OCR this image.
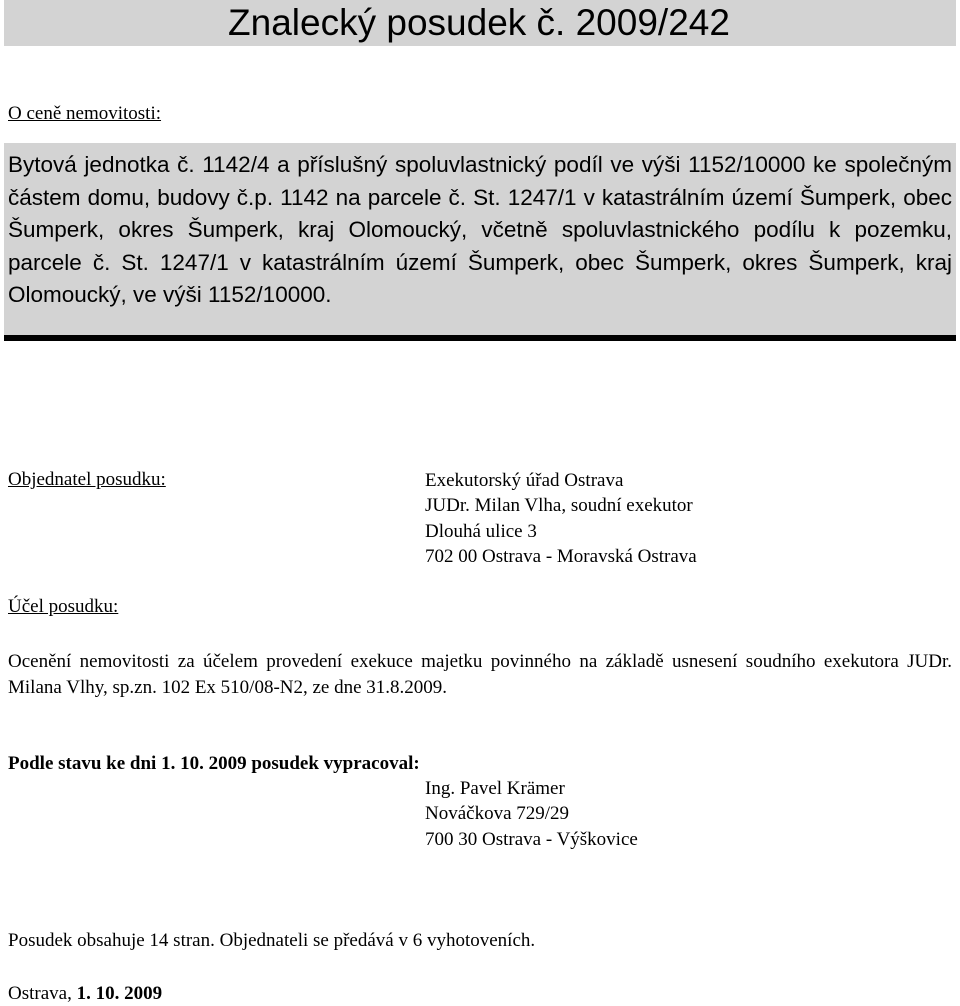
Znalecký posudek č. 2009/242

O ceně nemovitosti:

Bytová jednotka č. 1142/4 a příslušný spoluvlastnický podíl ve výši 1152/10000 ke společným částem domu, budovy č.p. 1142 na parcele č. St. 1247/1 v katastrálním území Šumperk, obec Šumperk, okres Šumperk, kraj Olomoucký, včetně spoluvlastnického podílu k pozemku, parcele č. St. 1247/1 v katastrálním území Šumperk, obec Šumperk, okres Šumperk, kraj Olomoucký, ve výši 1152/10000.

Objednatel posudku:	Exekutorský úřad Ostrava
JUDr. Milan Vlha, soudní exekutor
Dlouhá ulice 3
702 00 Ostrava - Moravská Ostrava

Účel posudku:

Ocenění nemovitosti za účelem provedení exekuce majetku povinného na základě usnesení soudního exekutora JUDr. Milana Vlhy, sp.zn. 102 Ex 510/08-N2, ze dne 31.8.2009.

Podle stavu ke dni 1. 10. 2009 posudek vypracoval:

Ing. Pavel Krämer
Nováčkova 729/29
700 30 Ostrava - Výškovice

Posudek obsahuje 14 stran. Objednateli se předává v 6 vyhotoveních.

Ostrava, 1. 10. 2009
